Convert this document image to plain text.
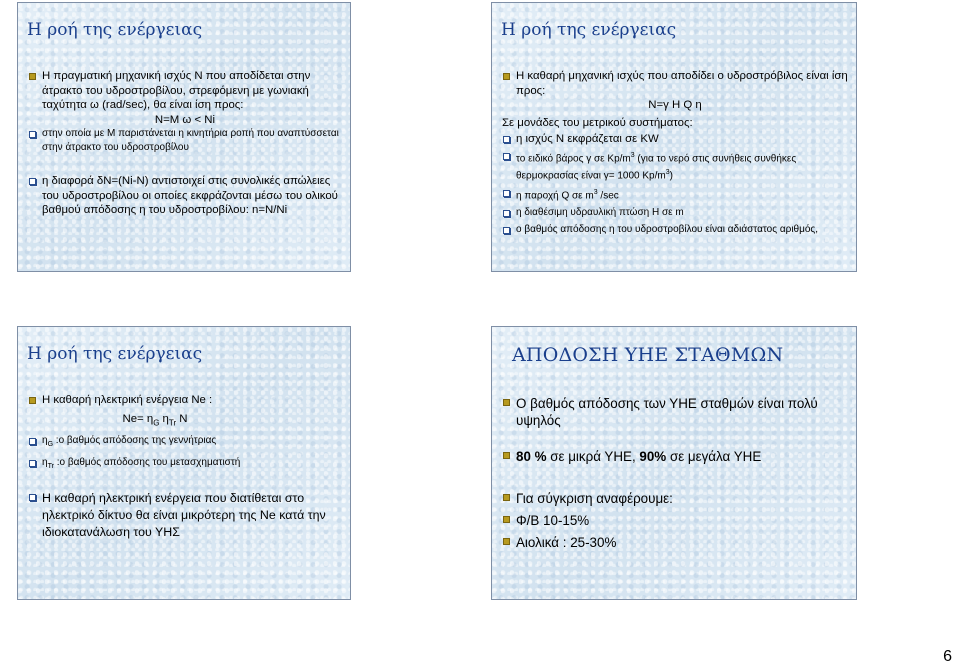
Η ροή της ενέργειας
Η πραγματική μηχανική ισχύς Ν που αποδίδεται στην άτρακτο του υδροστροβίλου, στρεφόμενη με γωνιακή ταχύτητα ω (rad/sec), θα είναι ίση προς:
N=M ω < Ni
στην οποία με Μ παριστάνεται η κινητήρια ροπή που αναπτύσσεται στην άτρακτο του υδροστροβίλου
η διαφορά δN=(Ni-N) αντιστοιχεί στις συνολικές απώλειες του υδροστροβίλου οι οποίες εκφράζονται μέσω του ολικού βαθμού απόδοσης η του υδροστροβίλου: n=N/Ni
Η ροή της ενέργειας
Η καθαρή μηχανική ισχύς που αποδίδει ο υδροστρόβιλος είναι ίση προς:
N=γ Η Q η
Σε μονάδες του μετρικού συστήματος:
η ισχύς Ν εκφράζεται σε KW
το ειδικό βάρος γ σε $Kp/m^3$ (για το νερό στις συνήθεις συνθήκες θερμοκρασίας είναι γ= 1000 $Kp/m^3$)
η παροχή Q σε $m^3$ /sec
η διαθέσιμη υδραυλική πτώση Η σε m
ο βαθμός απόδοσης η του υδροστροβίλου είναι αδιάστατος αριθμός,
Η ροή της ενέργειας
Η καθαρή ηλεκτρική ενέργεια Ne :
$Ne= \eta_G$ $\eta_{Tr}$ N
$\eta_G$ :ο βαθμός απόδοσης της γεννήτριας
$\eta_{Tr}$ :ο βαθμός απόδοσης του μετασχηματιστή
Η καθαρή ηλεκτρική ενέργεια που διατίθεται στο ηλεκτρικό δίκτυο θα είναι μικρότερη της Ne κατά την ιδιοκατανάλωση του ΥΗΣ
ΑΠΟΔΟΣΗ ΥΗΕ ΣΤΑΘΜΩΝ
Ο βαθμός απόδοσης των ΥΗΕ σταθμών είναι πολύ υψηλός
80 % σε μικρά ΥΗΕ, 90% σε μεγάλα ΥΗΕ
Για σύγκριση αναφέρουμε:
Φ/Β 10-15%
Αιολικά : 25-30%
6
